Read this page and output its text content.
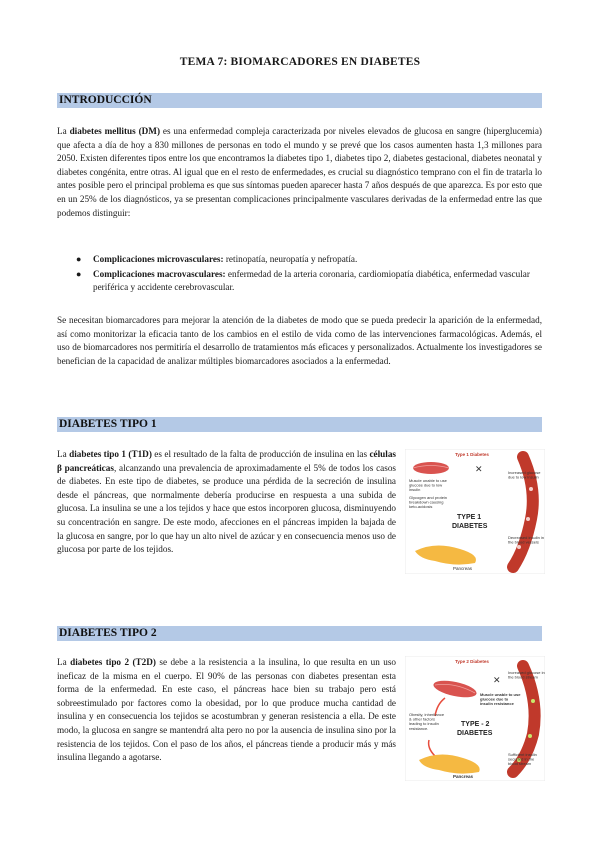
TEMA 7: BIOMARCADORES EN DIABETES
INTRODUCCIÓN

La diabetes mellitus (DM) es una enfermedad compleja caracterizada por niveles elevados de glucosa en sangre (hiperglucemia) que afecta a día de hoy a 830 millones de personas en todo el mundo y se prevé que los casos aumenten hasta 1,3 millones para 2050. Existen diferentes tipos entre los que encontramos la diabetes tipo 1, diabetes tipo 2, diabetes gestacional, diabetes neonatal y diabetes congénita, entre otras. Al igual que en el resto de enfermedades, es crucial su diagnóstico temprano con el fin de tratarla lo antes posible pero el principal problema es que sus síntomas pueden aparecer hasta 7 años después de que aparezca. Es por esto que en un 25% de los diagnósticos, ya se presentan complicaciones principalmente vasculares derivadas de la enfermedad entre las que podemos distinguir:

● Complicaciones microvasculares: retinopatía, neuropatía y nefropatía.
● Complicaciones macrovasculares: enfermedad de la arteria coronaria, cardiomiopatía diabética, enfermedad vascular periférica y accidente cerebrovascular.

Se necesitan biomarcadores para mejorar la atención de la diabetes de modo que se pueda predecir la aparición de la enfermedad, así como monitorizar la eficacia tanto de los cambios en el estilo de vida como de las intervenciones farmacológicas. Además, el uso de biomarcadores nos permitiría el desarrollo de tratamientos más eficaces y personalizados. Actualmente los investigadores se benefician de la capacidad de analizar múltiples biomarcadores asociados a la enfermedad.

DIABETES TIPO 1

La diabetes tipo 1 (T1D) es el resultado de la falta de producción de insulina en las células β pancreáticas, alcanzando una prevalencia de aproximadamente el 5% de todos los casos de diabetes. En este tipo de diabetes, se produce una pérdida de la secreción de insulina desde el páncreas, que normalmente debería producirse en respuesta a una subida de glucosa. La insulina se une a los tejidos y hace que estos incorporen glucosa, disminuyendo su concentración en sangre. De este modo, afecciones en el páncreas impiden la bajada de la glucosa en sangre, por lo que hay un alto nivel de azúcar y en consecuencia menos uso de glucosa por parte de los tejidos.

Type 1 Diabetes
Muscle unable to use glucose due to low insulin
✕	Increased glucose due to low insulin
Glycogen and protein breakdown causing keto-acidosis
TYPE 1
DIABETES
Decreased insulin in the blood vessels
Pancreas
DIABETES TIPO 2

La diabetes tipo 2 (T2D) se debe a la resistencia a la insulina, lo que resulta en un uso ineficaz de la misma en el cuerpo. El 90% de las personas con diabetes presentan esta forma de la enfermedad. En este caso, el páncreas hace bien su trabajo pero está sobreestimulado por factores como la obesidad, por lo que produce mucha cantidad de insulina y en consecuencia los tejidos se acostumbran y generan resistencia a ella. De este modo, la glucosa en sangre se mantendrá alta pero no por la ausencia de insulina sino por la resistencia de los tejidos. Con el paso de los años, el páncreas tiende a producir más y más insulina llegando a agotarse.

Type 2 Diabetes
Muscle unable to use glucose due to insulin resistance
✕
Increased glucose in the blood stream
Obesity, inheritance & other factors leading to insulin resistance.
TYPE - 2
DIABETES
Sufficient insulin secreted in the blood stream
Pancreas
